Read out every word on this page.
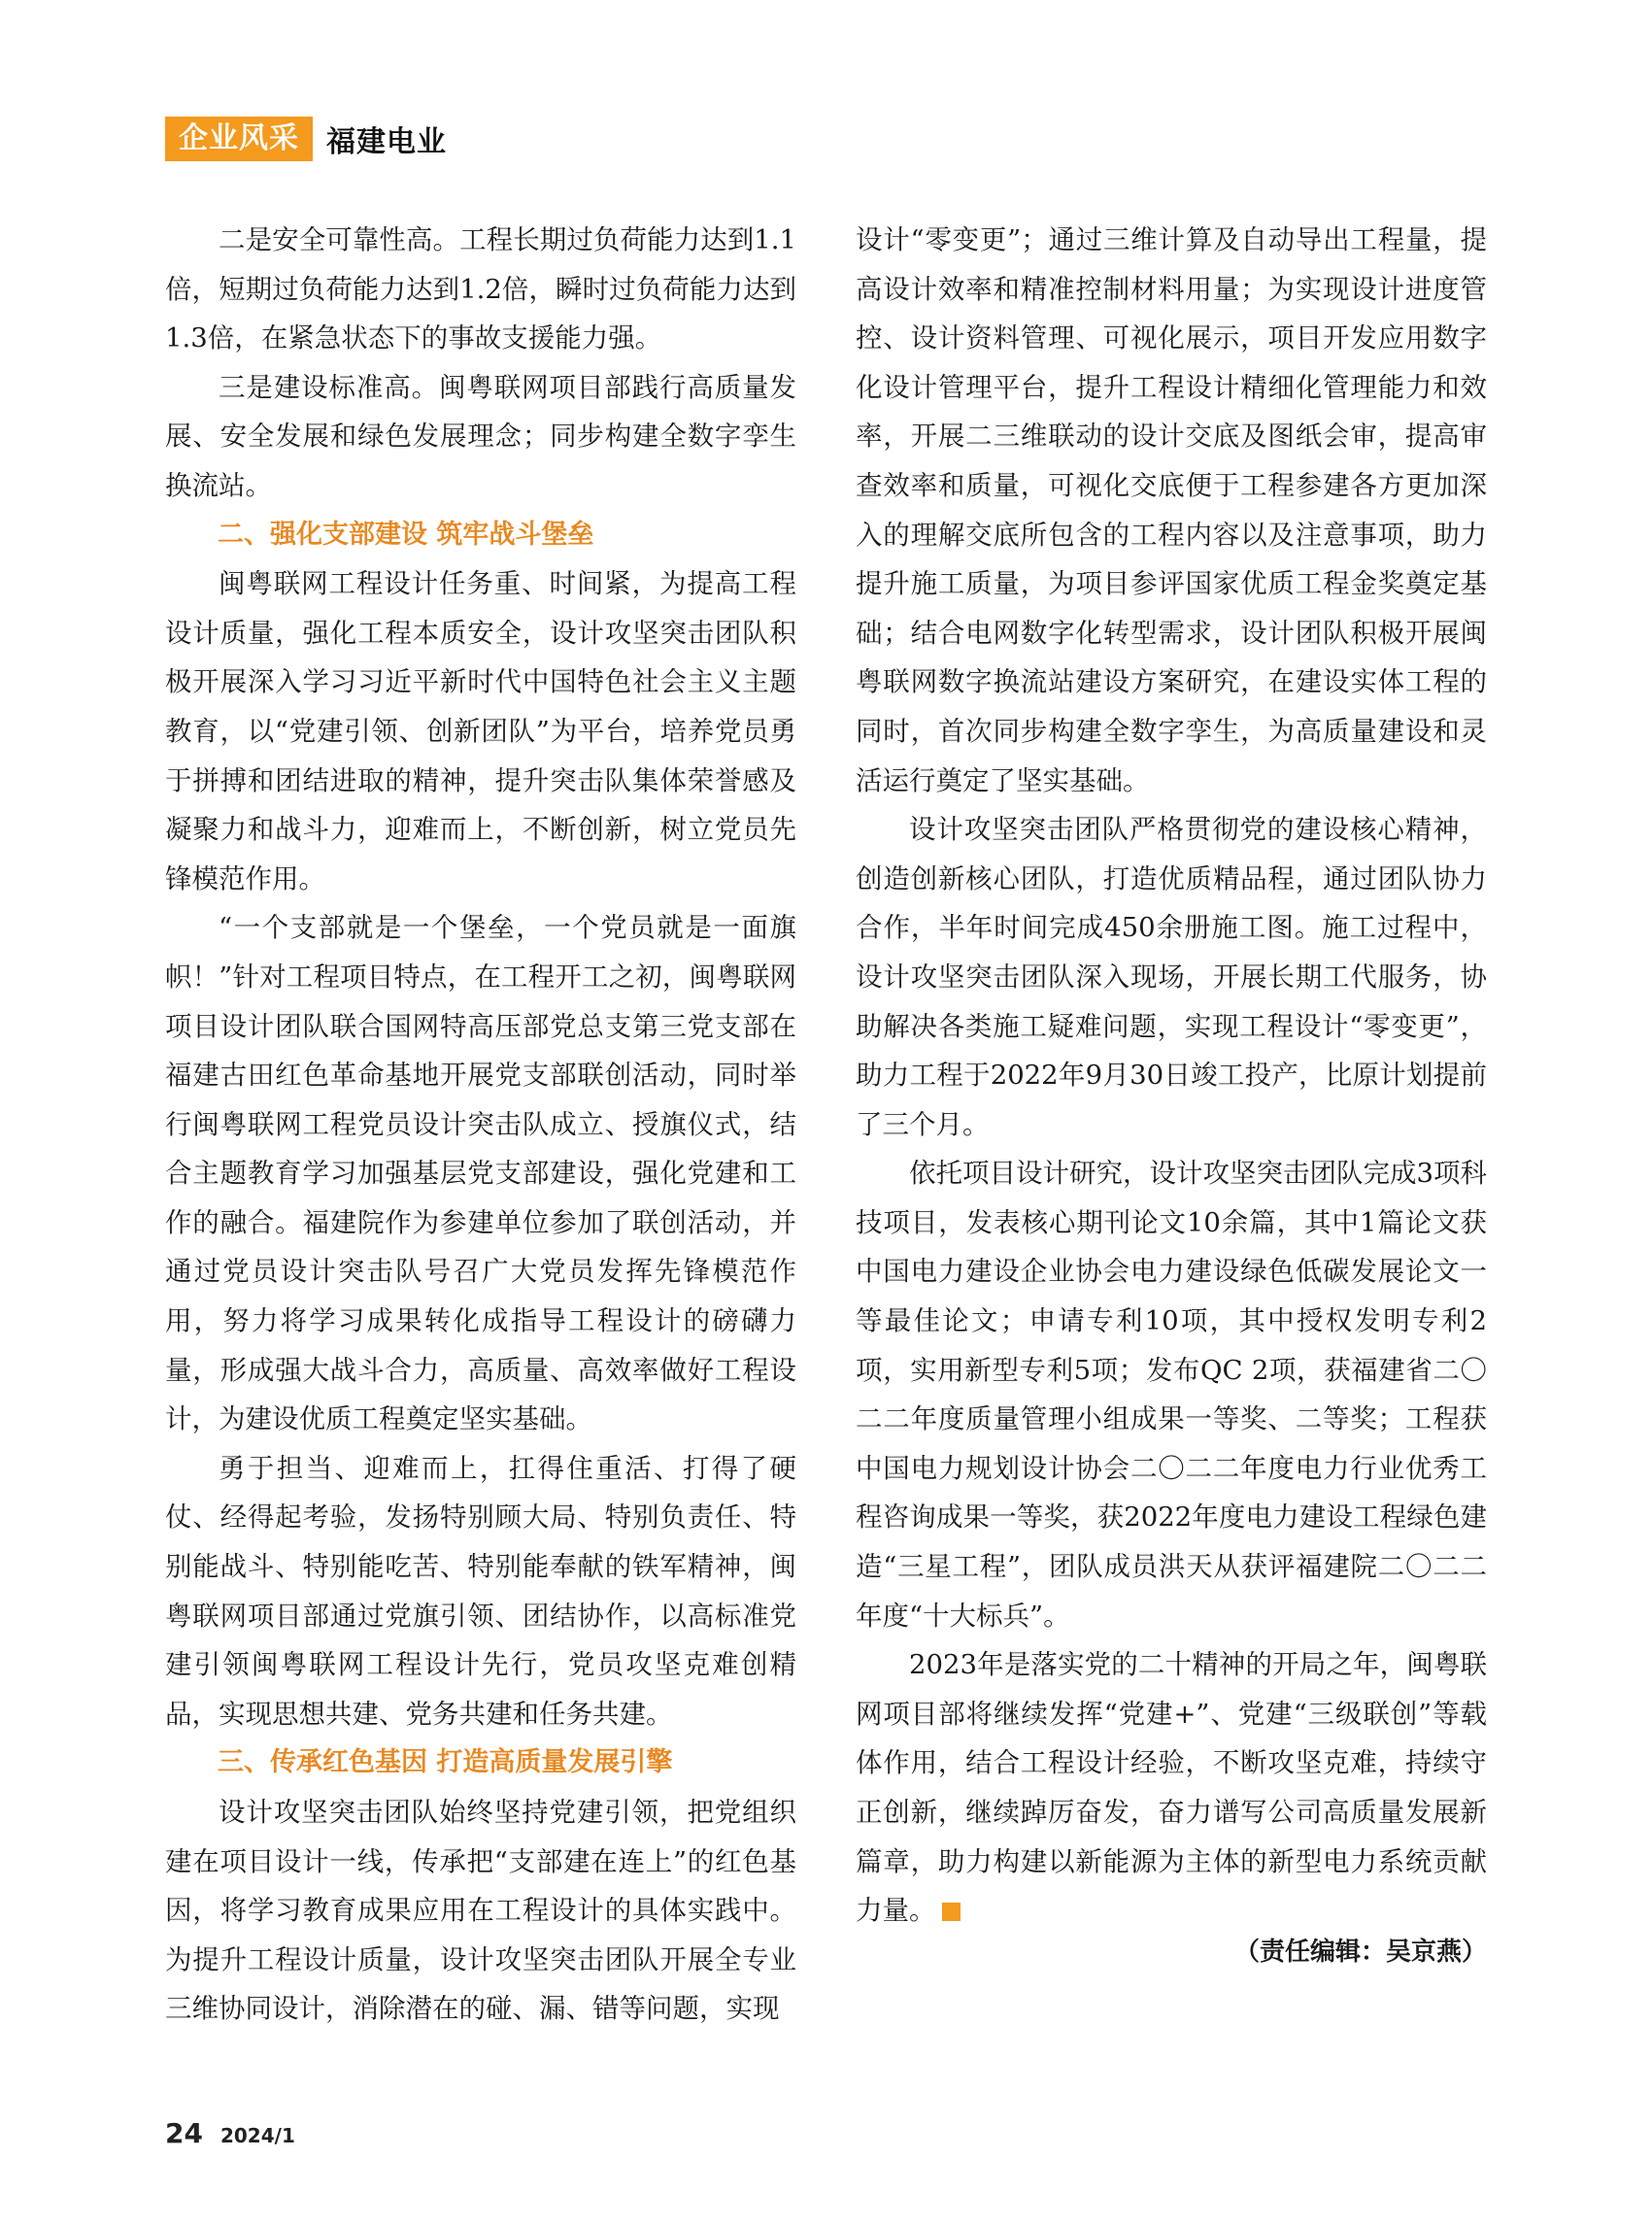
企业风采 福建电业

二是安全可靠性高。工程长期过负荷能力达到1.1倍，短期过负荷能力达到1.2倍，瞬时过负荷能力达到1.3倍，在紧急状态下的事故支援能力强。

三是建设标准高。闽粤联网项目部践行高质量发展、安全发展和绿色发展理念；同步构建全数字孪生换流站。

二、强化支部建设 筑牢战斗堡垒

闽粤联网工程设计任务重、时间紧，为提高工程设计质量，强化工程本质安全，设计攻坚突击团队积极开展深入学习习近平新时代中国特色社会主义主题教育，以“党建引领、创新团队”为平台，培养党员勇于拼搏和团结进取的精神，提升突击队集体荣誉感及凝聚力和战斗力，迎难而上，不断创新，树立党员先锋模范作用。

“一个支部就是一个堡垒，一个党员就是一面旗帜！”针对工程项目特点，在工程开工之初，闽粤联网项目设计团队联合国网特高压部党总支第三党支部在福建古田红色革命基地开展党支部联创活动，同时举行闽粤联网工程党员设计突击队成立、授旗仪式，结合主题教育学习加强基层党支部建设，强化党建和工作的融合。福建院作为参建单位参加了联创活动，并通过党员设计突击队号召广大党员发挥先锋模范作用，努力将学习成果转化成指导工程设计的磅礴力量，形成强大战斗合力，高质量、高效率做好工程设计，为建设优质工程奠定坚实基础。

勇于担当、迎难而上，扛得住重活、打得了硬仗、经得起考验，发扬特别顾大局、特别负责任、特别能战斗、特别能吃苦、特别能奉献的铁军精神，闽粤联网项目部通过党旗引领、团结协作，以高标准党建引领闽粤联网工程设计先行，党员攻坚克难创精品，实现思想共建、党务共建和任务共建。

三、传承红色基因 打造高质量发展引擎

设计攻坚突击团队始终坚持党建引领，把党组织建在项目设计一线，传承把“支部建在连上”的红色基因，将学习教育成果应用在工程设计的具体实践中。为提升工程设计质量，设计攻坚突击团队开展全专业三维协同设计，消除潜在的碰、漏、错等问题，实现

设计“零变更”；通过三维计算及自动导出工程量，提高设计效率和精准控制材料用量；为实现设计进度管控、设计资料管理、可视化展示，项目开发应用数字化设计管理平台，提升工程设计精细化管理能力和效率，开展二三维联动的设计交底及图纸会审，提高审查效率和质量，可视化交底便于工程参建各方更加深入的理解交底所包含的工程内容以及注意事项，助力提升施工质量，为项目参评国家优质工程金奖奠定基础；结合电网数字化转型需求，设计团队积极开展闽粤联网数字换流站建设方案研究，在建设实体工程的同时，首次同步构建全数字孪生，为高质量建设和灵活运行奠定了坚实基础。

设计攻坚突击团队严格贯彻党的建设核心精神，创造创新核心团队，打造优质精品程，通过团队协力合作，半年时间完成450余册施工图。施工过程中，设计攻坚突击团队深入现场，开展长期工代服务，协助解决各类施工疑难问题，实现工程设计“零变更”，助力工程于2022年9月30日竣工投产，比原计划提前了三个月。

依托项目设计研究，设计攻坚突击团队完成3项科技项目，发表核心期刊论文10余篇，其中1篇论文获中国电力建设企业协会电力建设绿色低碳发展论文一等最佳论文；申请专利10项，其中授权发明专利2项，实用新型专利5项；发布QC 2项，获福建省二〇二二年度质量管理小组成果一等奖、二等奖；工程获中国电力规划设计协会二〇二二年度电力行业优秀工程咨询成果一等奖，获2022年度电力建设工程绿色建造“三星工程”，团队成员洪天从获评福建院二〇二二年度“十大标兵”。

2023年是落实党的二十精神的开局之年，闽粤联网项目部将继续发挥“党建+”、党建“三级联创”等载体作用，结合工程设计经验，不断攻坚克难，持续守正创新，继续踔厉奋发，奋力谱写公司高质量发展新篇章，助力构建以新能源为主体的新型电力系统贡献力量。

（责任编辑：吴京燕）
24 2024/1
